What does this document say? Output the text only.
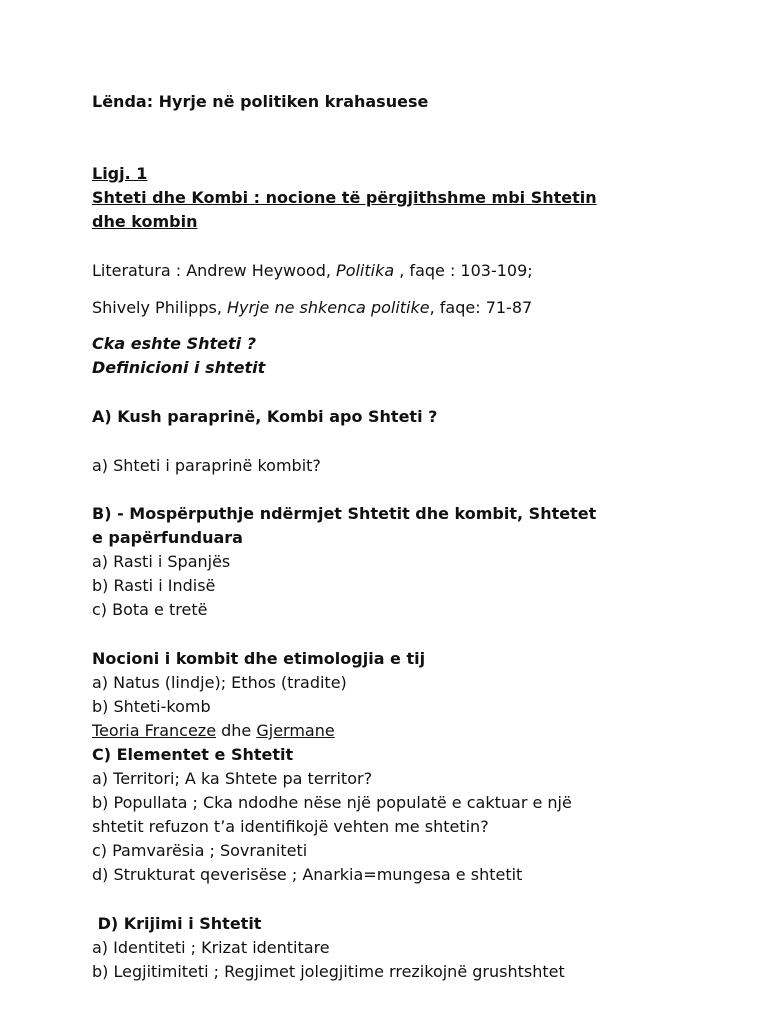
Lënda: Hyrje në politiken krahasuese
Ligj. 1
Shteti dhe Kombi : nocione të përgjithshme mbi Shtetin
dhe kombin
Literatura : Andrew Heywood, Politika , faqe : 103-109;
Shively Philipps, Hyrje ne shkenca politike, faqe: 71-87
Cka eshte Shteti ?
Definicioni i shtetit
A) Kush paraprinë, Kombi apo Shteti ?
a) Shteti i paraprinë kombit?
B) - Mospërputhje ndërmjet Shtetit dhe kombit, Shtetet
e papërfunduara
a) Rasti i Spanjës
b) Rasti i Indisë
c) Bota e tretë
Nocioni i kombit dhe etimologjia e tij
a) Natus (lindje); Ethos (tradite)
b) Shteti-komb
Teoria Franceze dhe Gjermane
C) Elementet e Shtetit
a) Territori; A ka Shtete pa territor?
b) Popullata ; Cka ndodhe nëse një populatë e caktuar e një
shtetit refuzon t’a identifikojë vehten me shtetin?
c) Pamvarësia ; Sovraniteti
d) Strukturat qeverisëse ; Anarkia=mungesa e shtetit
D) Krijimi i Shtetit
a) Identiteti ; Krizat identitare
b) Legjitimiteti ; Regjimet jolegjitime rrezikojnë grushtshtet
